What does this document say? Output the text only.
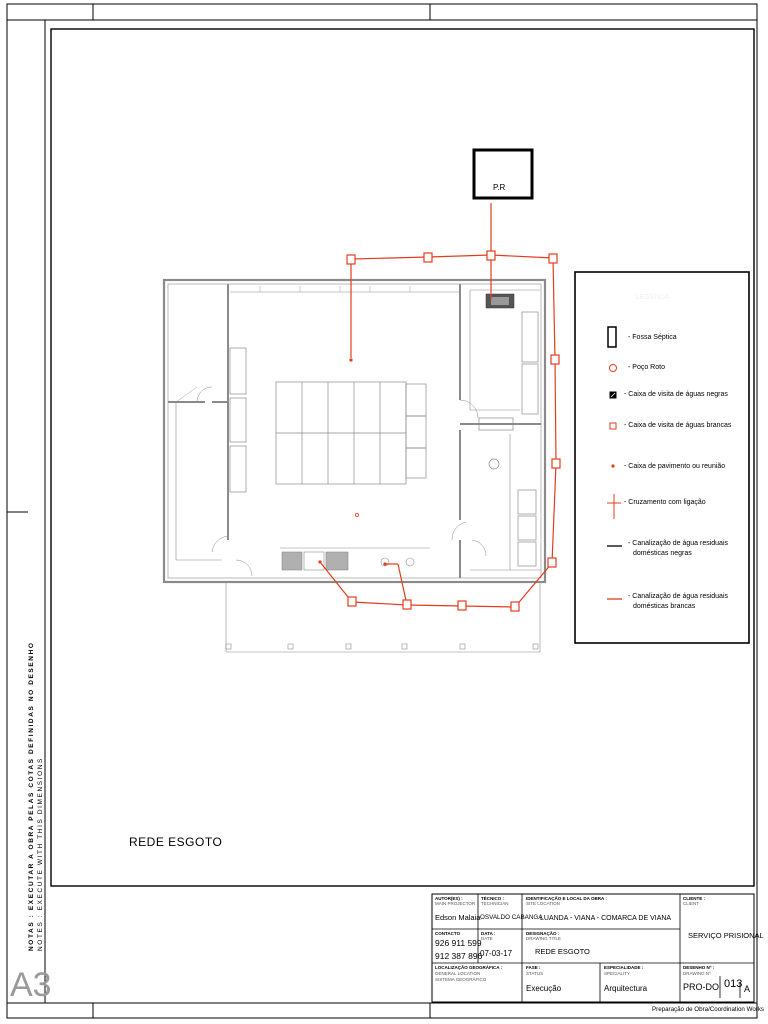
P.R
REDE ESGOTO
A3
NOTAS : EXECUTAR A OBRA PELAS COTAS DEFINIDAS NO DESENHO
NOTES : EXECUTE WITH THIS DIMENSIONS
LEGENDA
- Fossa Séptica
- Poço Roto
- Caixa de visita de águas negras
- Caixa de visita de águas brancas
- Caixa de pavimento ou reunião
- Cruzamento com ligação
- Canalização de água residuais
domésticas negras
- Canalização de água residuais
domésticas brancas
AUTOR(ES) :
MAIN PROJECTOR
Edson Malaia
TÉCNICO :
TECHNICIAN
OSVALDO CABANGA
IDENTIFICAÇÃO E LOCAL DA OBRA :
SITE LOCATION
LUANDA - VIANA - COMARCA DE VIANA
CLIENTE :
CLIENT
SERVIÇO PRISIONAL
CONTACTO
926 911 599
912 387 896
DATA :
DATE
07-03-17
DESIGNAÇÃO :
DRAWING TITLE
REDE ESGOTO
LOCALIZAÇÃO GEOGRÁFICA :
GENERAL LOCATION
SISTEMA GEOGRÁFICO
FASE :
STATUS
Execução
ESPECIALIDADE :
SPECIALITY
Arquitectura
DESENHO Nº :
DRAWING Nº
PRO-DO 013 A
Preparação de Obra/Coordination Works
